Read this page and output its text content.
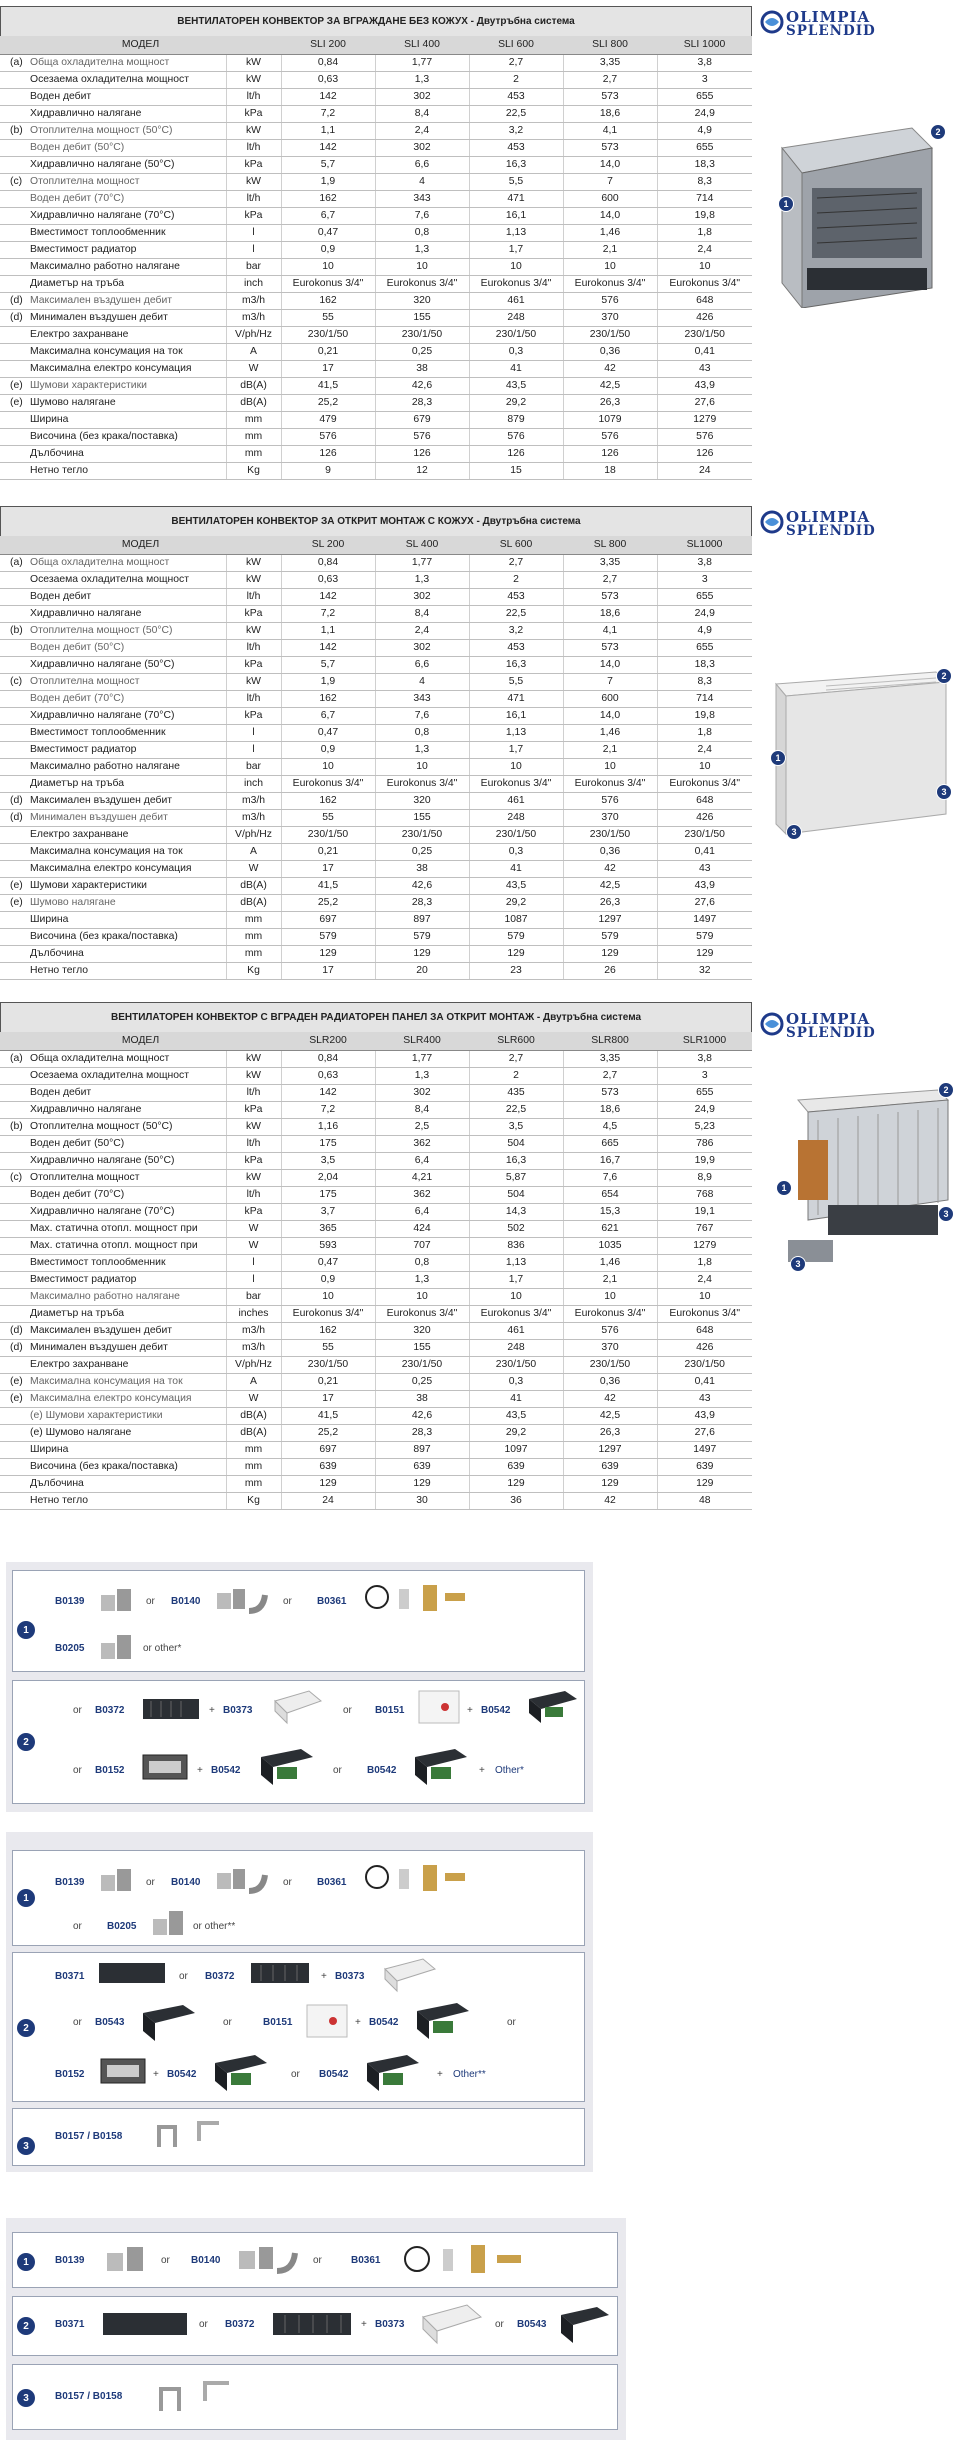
ВЕНТИЛАТОРЕН КОНВЕКТОР ЗА ВГРАЖДАНЕ БЕЗ КОЖУХ - Двутръбна система
МОДЕЛ			SLI 200	SLI 400	SLI 600	SLI 800	SLI 1000
(a)	Обща охладителна мощност	kW	0,84	1,77	2,7	3,35	3,8
	Осезаема охладителна мощност	kW	0,63	1,3	2	2,7	3
	Воден дебит	lt/h	142	302	453	573	655
	Хидравлично налягане	kPa	7,2	8,4	22,5	18,6	24,9
(b)	Отоплителна мощност (50°C)	kW	1,1	2,4	3,2	4,1	4,9
	Воден дебит (50°C)	lt/h	142	302	453	573	655
	Хидравлично налягане (50°C)	kPa	5,7	6,6	16,3	14,0	18,3
(c)	Отоплителна мощност	kW	1,9	4	5,5	7	8,3
	Воден дебит (70°C)	lt/h	162	343	471	600	714
	Хидравлично налягане (70°C)	kPa	6,7	7,6	16,1	14,0	19,8
	Вместимост топлообменник	l	0,47	0,8	1,13	1,46	1,8
	Вместимост радиатор	l	0,9	1,3	1,7	2,1	2,4
	Максимално работно налягане	bar	10	10	10	10	10
	Диаметър на тръба	inch	Eurokonus 3/4"	Eurokonus 3/4"	Eurokonus 3/4"	Eurokonus 3/4"	Eurokonus 3/4"
(d)	Максимален въздушен дебит	m3/h	162	320	461	576	648
(d)	Минимален въздушен дебит	m3/h	55	155	248	370	426
	Електро захранване	V/ph/Hz	230/1/50	230/1/50	230/1/50	230/1/50	230/1/50
	Максимална консумация на ток	A	0,21	0,25	0,3	0,36	0,41
	Максимална електро консумация	W	17	38	41	42	43
(e)	Шумови характеристики	dB(A)	41,5	42,6	43,5	42,5	43,9
(e)	Шумово налягане	dB(A)	25,2	28,3	29,2	26,3	27,6
	Ширина	mm	479	679	879	1079	1279
	Височина (без крака/поставка)	mm	576	576	576	576	576
	Дълбочина	mm	126	126	126	126	126
	Нетно тегло	Kg	9	12	15	18	24
ВЕНТИЛАТОРЕН КОНВЕКТОР ЗА ОТКРИТ МОНТАЖ С КОЖУХ - Двутръбна система
МОДЕЛ			SL 200	SL 400	SL 600	SL 800	SL1000
(a)	Обща охладителна мощност	kW	0,84	1,77	2,7	3,35	3,8
	Осезаема охладителна мощност	kW	0,63	1,3	2	2,7	3
	Воден дебит	lt/h	142	302	453	573	655
	Хидравлично налягане	kPa	7,2	8,4	22,5	18,6	24,9
(b)	Отоплителна мощност (50°C)	kW	1,1	2,4	3,2	4,1	4,9
	Воден дебит (50°C)	lt/h	142	302	453	573	655
	Хидравлично налягане (50°C)	kPa	5,7	6,6	16,3	14,0	18,3
(c)	Отоплителна мощност	kW	1,9	4	5,5	7	8,3
	Воден дебит (70°C)	lt/h	162	343	471	600	714
	Хидравлично налягане (70°C)	kPa	6,7	7,6	16,1	14,0	19,8
	Вместимост топлообменник	l	0,47	0,8	1,13	1,46	1,8
	Вместимост радиатор	l	0,9	1,3	1,7	2,1	2,4
	Максимално работно налягане	bar	10	10	10	10	10
	Диаметър на тръба	inch	Eurokonus 3/4"	Eurokonus 3/4"	Eurokonus 3/4"	Eurokonus 3/4"	Eurokonus 3/4"
(d)	Максимален въздушен дебит	m3/h	162	320	461	576	648
(d)	Минимален въздушен дебит	m3/h	55	155	248	370	426
	Електро захранване	V/ph/Hz	230/1/50	230/1/50	230/1/50	230/1/50	230/1/50
	Максимална консумация на ток	A	0,21	0,25	0,3	0,36	0,41
	Максимална електро консумация	W	17	38	41	42	43
(e)	Шумови характеристики	dB(A)	41,5	42,6	43,5	42,5	43,9
(e)	Шумово налягане	dB(A)	25,2	28,3	29,2	26,3	27,6
	Ширина	mm	697	897	1087	1297	1497
	Височина (без крака/поставка)	mm	579	579	579	579	579
	Дълбочина	mm	129	129	129	129	129
	Нетно тегло	Kg	17	20	23	26	32
ВЕНТИЛАТОРЕН КОНВЕКТОР С ВГРАДЕН РАДИАТОРЕН ПАНЕЛ ЗА ОТКРИТ МОНТАЖ - Двутръбна система
МОДЕЛ			SLR200	SLR400	SLR600	SLR800	SLR1000
(a)	Обща охладителна мощност	kW	0,84	1,77	2,7	3,35	3,8
	Осезаема охладителна мощност	kW	0,63	1,3	2	2,7	3
	Воден дебит	lt/h	142	302	435	573	655
	Хидравлично налягане	kPa	7,2	8,4	22,5	18,6	24,9
(b)	Отоплителна мощност (50°C)	kW	1,16	2,5	3,5	4,5	5,23
	Воден дебит (50°C)	lt/h	175	362	504	665	786
	Хидравлично налягане (50°C)	kPa	3,5	6,4	16,3	16,7	19,9
(c)	Отоплителна мощност	kW	2,04	4,21	5,87	7,6	8,9
	Воден дебит (70°C)	lt/h	175	362	504	654	768
	Хидравлично налягане (70°C)	kPa	3,7	6,4	14,3	15,3	19,1
	Max. статична отопл. мощност при	W	365	424	502	621	767
	Max. статична отопл. мощност при	W	593	707	836	1035	1279
	Вместимост топлообменник	l	0,47	0,8	1,13	1,46	1,8
	Вместимост радиатор	l	0,9	1,3	1,7	2,1	2,4
	Максимално работно налягане	bar	10	10	10	10	10
	Диаметър на тръба	inches	Eurokonus 3/4"	Eurokonus 3/4"	Eurokonus 3/4"	Eurokonus 3/4"	Eurokonus 3/4"
(d)	Максимален въздушен дебит	m3/h	162	320	461	576	648
(d)	Минимален въздушен дебит	m3/h	55	155	248	370	426
	Електро захранване	V/ph/Hz	230/1/50	230/1/50	230/1/50	230/1/50	230/1/50
(e)	Максимална консумация на ток	A	0,21	0,25	0,3	0,36	0,41
(e)	Максимална електро консумация	W	17	38	41	42	43
	(e) Шумови характеристики	dB(A)	41,5	42,6	43,5	42,5	43,9
	(e) Шумово налягане	dB(A)	25,2	28,3	29,2	26,3	27,6
	Ширина	mm	697	897	1097	1297	1497
	Височина (без крака/поставка)	mm	639	639	639	639	639
	Дълбочина	mm	129	129	129	129	129
	Нетно тегло	Kg	24	30	36	42	48
OLIMPIA
SPLENDID
OLIMPIA
SPLENDID
OLIMPIA
SPLENDID
2
1
2
1
3
3
2
1
3
3
1
B0139	or B0140	or	B0361
B0205	or other*
2
or B0372	+ B0373	or B0151	+ B0542
or B0152	+ B0542	or	B0542	+ Other*
1
B0139	or B0140	or	B0361
or	B0205	or other**
2
B0371	or B0372	+ B0373
or B0543	or	B0151	+ B0542	or
B0152	+ B0542	or B0542	+ Other**
3
B0157 / B0158
1	B0139	or B0140	or	B0361
2	B0371	or B0372	+ B0373	or B0543
3	B0157 / B0158
